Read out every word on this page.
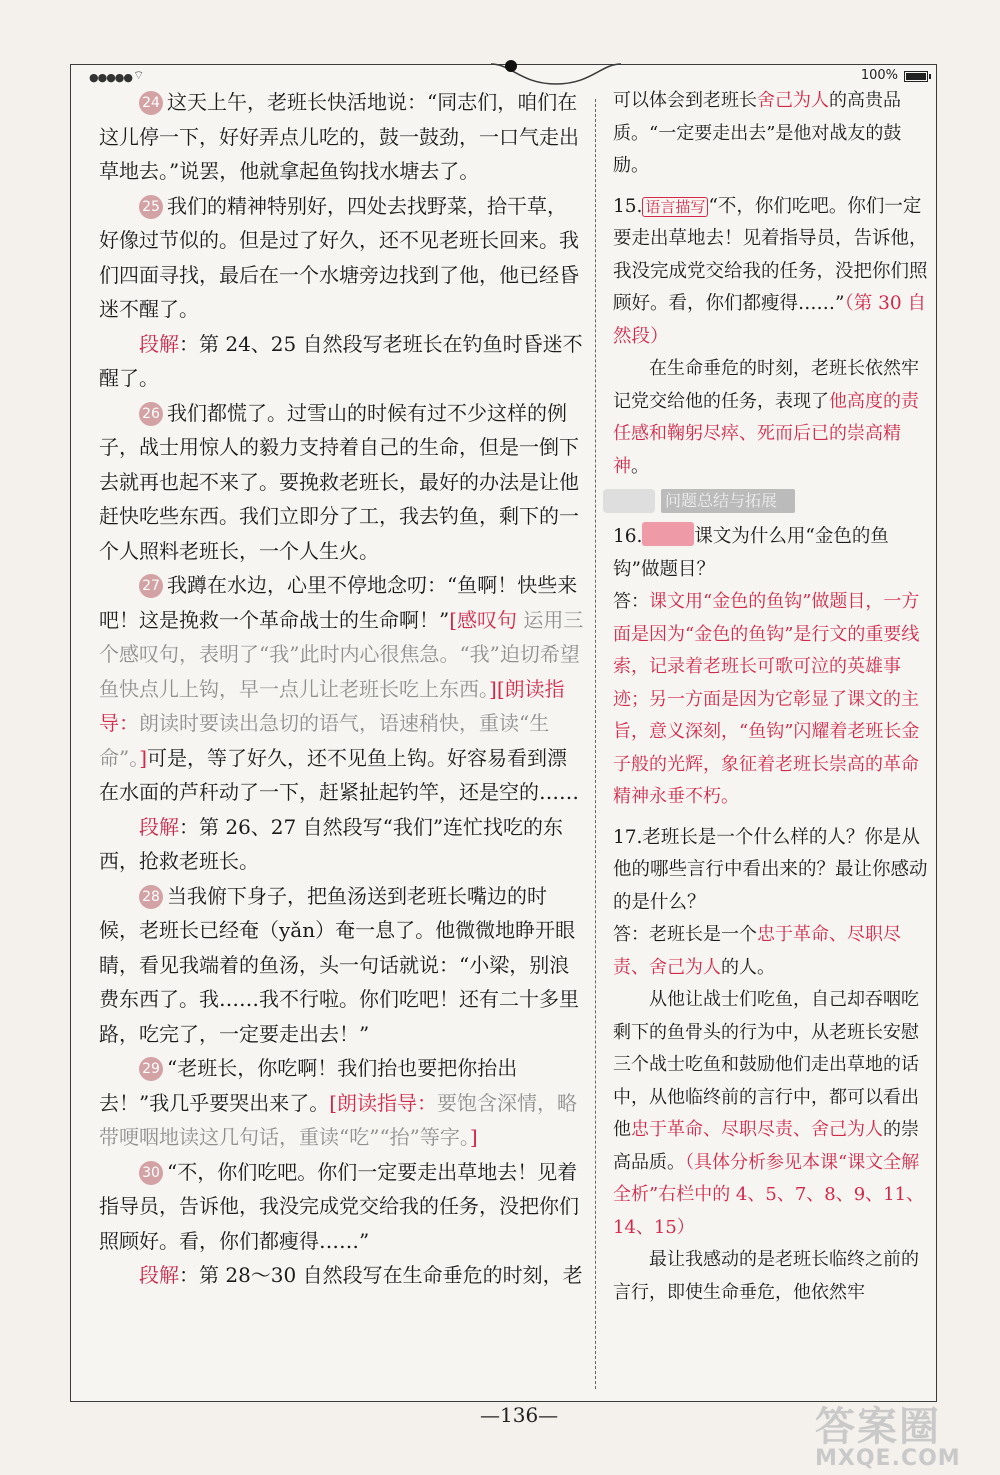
●●●●● ⌔	100%

24 这天上午，老班长快活地说：“同志们，咱们在这儿停一下，好好弄点儿吃的，鼓一鼓劲，一口气走出草地去。”说罢，他就拿起鱼钩找水塘去了。

25 我们的精神特别好，四处去找野菜，拾干草，好像过节似的。但是过了好久，还不见老班长回来。我们四面寻找，最后在一个水塘旁边找到了他，他已经昏迷不醒了。

段解：第 24、25 自然段写老班长在钓鱼时昏迷不醒了。

26 我们都慌了。过雪山的时候有过不少这样的例子，战士用惊人的毅力支持着自己的生命，但是一倒下去就再也起不来了。要挽救老班长，最好的办法是让他赶快吃些东西。我们立即分了工，我去钓鱼，剩下的一个人照料老班长，一个人生火。

27 我蹲在水边，心里不停地念叨：“鱼啊！快些来吧！这是挽救一个革命战士的生命啊！”[感叹句 运用三个感叹句，表明了“我”此时内心很焦急。“我”迫切希望鱼快点儿上钩，早一点儿让老班长吃上东西。][朗读指导：朗读时要读出急切的语气，语速稍快，重读“生命”。]可是，等了好久，还不见鱼上钩。好容易看到漂在水面的芦秆动了一下，赶紧扯起钓竿，还是空的……

段解：第 26、27 自然段写“我们”连忙找吃的东西，抢救老班长。

28 当我俯下身子，把鱼汤送到老班长嘴边的时候，老班长已经奄（yǎn）奄一息了。他微微地睁开眼睛，看见我端着的鱼汤，头一句话就说：“小梁，别浪费东西了。我……我不行啦。你们吃吧！还有二十多里路，吃完了，一定要走出去！”

29 “老班长，你吃啊！我们抬也要把你抬出去！”我几乎要哭出来了。[朗读指导：要饱含深情，略带哽咽地读这几句话，重读“吃”“抬”等字。]

30 “不，你们吃吧。你们一定要走出草地去！见着指导员，告诉他，我没完成党交给我的任务，没把你们照顾好。看，你们都瘦得……”

段解：第 28～30 自然段写在生命垂危的时刻，老

可以体会到老班长舍己为人的高贵品质。“一定要走出去”是他对战友的鼓励。

15. 语言描写 “不，你们吃吧。你们一定要走出草地去！见着指导员，告诉他，我没完成党交给我的任务，没把你们照顾好。看，你们都瘦得……”（第 30 自然段）

在生命垂危的时刻，老班长依然牢记党交给他的任务，表现了他高度的责任感和鞠躬尽瘁、死而后已的崇高精神。

问题总结与拓展

16.	课文为什么用“金色的鱼钩”做题目？

答：课文用“金色的鱼钩”做题目，一方面是因为“金色的鱼钩”是行文的重要线索，记录着老班长可歌可泣的英雄事迹；另一方面是因为它彰显了课文的主旨，意义深刻，“鱼钩”闪耀着老班长金子般的光辉，象征着老班长崇高的革命精神永垂不朽。

17.老班长是一个什么样的人？你是从他的哪些言行中看出来的？最让你感动的是什么？

答：老班长是一个忠于革命、尽职尽责、舍己为人的人。

从他让战士们吃鱼，自己却吞咽吃剩下的鱼骨头的行为中，从老班长安慰三个战士吃鱼和鼓励他们走出草地的话中，从他临终前的言行中，都可以看出他忠于革命、尽职尽责、舍己为人的崇高品质。（具体分析参见本课“课文全解全析”右栏中的 4、5、7、8、9、11、14、15）

最让我感动的是老班长临终之前的言行，即使生命垂危，他依然牢

—136—	答案圈
MXQE.COM
